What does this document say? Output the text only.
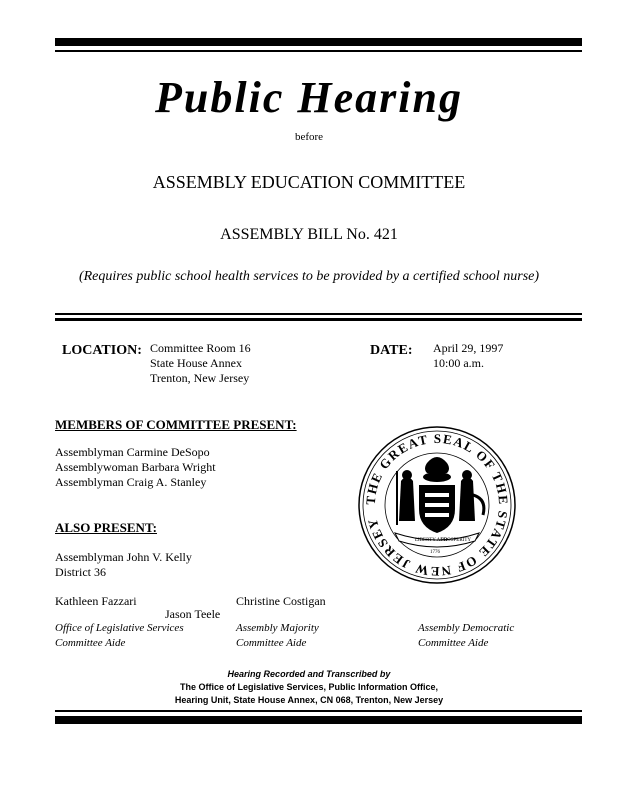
Public Hearing
before
ASSEMBLY EDUCATION COMMITTEE
ASSEMBLY BILL No. 421
(Requires public school health services to be provided by a certified school nurse)
LOCATION: Committee Room 16
State House Annex
Trenton, New Jersey
DATE: April 29, 1997
10:00 a.m.
MEMBERS OF COMMITTEE PRESENT:
Assemblyman Carmine DeSopo
Assemblywoman Barbara Wright
Assemblyman Craig A. Stanley
ALSO PRESENT:
Assemblyman John V. Kelly
District 36
Kathleen Fazzari	Christine Costigan
Jason Teele
Office of Legislative Services
Committee Aide
Assembly Majority
Committee Aide
Assembly Democratic
Committee Aide
THE GREAT SEAL OF THE STATE OF NEW JERSEY
LIBERTY AND
PROSPERITY
1776
Hearing Recorded and Transcribed by
The Office of Legislative Services, Public Information Office,
Hearing Unit, State House Annex, CN 068, Trenton, New Jersey
